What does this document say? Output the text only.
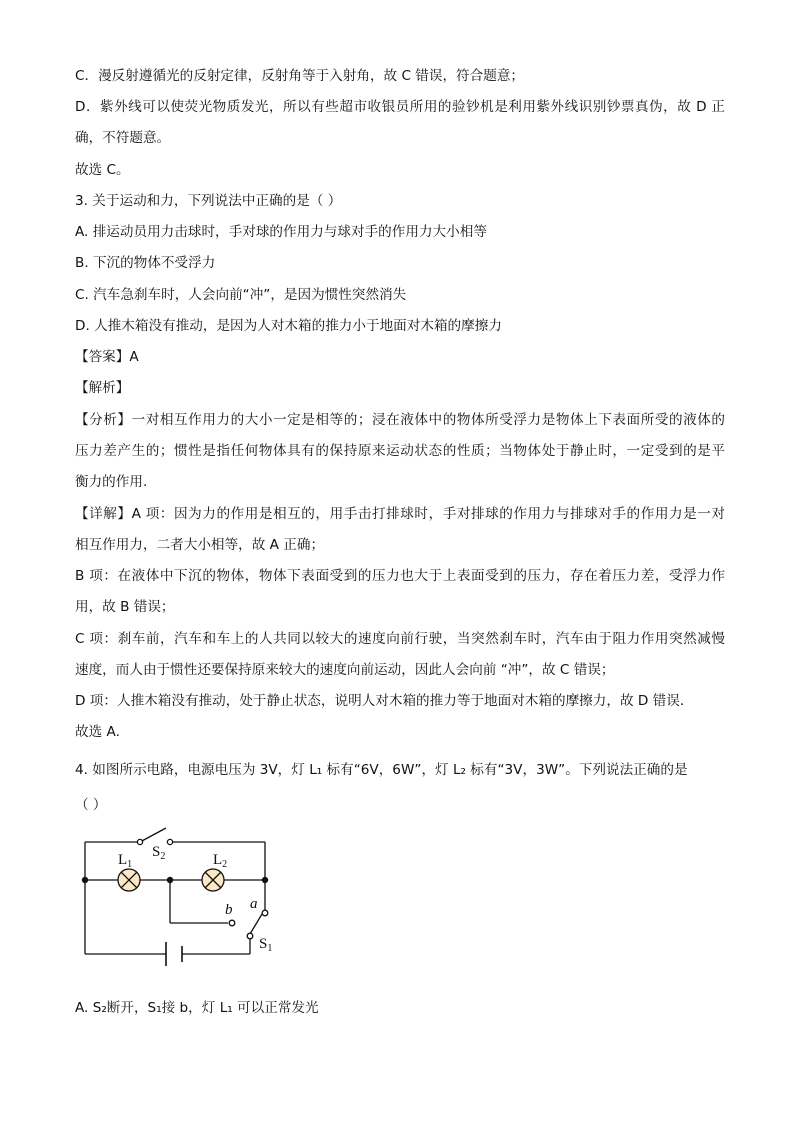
C．漫反射遵循光的反射定律，反射角等于入射角，故 C 错误，符合题意；
D．紫外线可以使荧光物质发光，所以有些超市收银员所用的验钞机是利用紫外线识别钞票真伪，故 D 正
确，不符题意。
故选 C。
3. 关于运动和力，下列说法中正确的是（ ）
A. 排运动员用力击球时，手对球的作用力与球对手的作用力大小相等
B. 下沉的物体不受浮力
C. 汽车急刹车时，人会向前“冲”，是因为惯性突然消失
D. 人推木箱没有推动，是因为人对木箱的推力小于地面对木箱的摩擦力
【答案】A
【解析】
【分析】一对相互作用力的大小一定是相等的；浸在液体中的物体所受浮力是物体上下表面所受的液体的
压力差产生的；惯性是指任何物体具有的保持原来运动状态的性质；当物体处于静止时，一定受到的是平
衡力的作用.
【详解】A 项：因为力的作用是相互的，用手击打排球时，手对排球的作用力与排球对手的作用力是一对
相互作用力，二者大小相等，故 A 正确；
B 项：在液体中下沉的物体，物体下表面受到的压力也大于上表面受到的压力，存在着压力差，受浮力作
用，故 B 错误；
C 项：刹车前，汽车和车上的人共同以较大的速度向前行驶，当突然刹车时，汽车由于阻力作用突然减慢
速度，而人由于惯性还要保持原来较大的速度向前运动，因此人会向前 “冲”，故 C 错误；
D 项：人推木箱没有推动，处于静止状态，说明人对木箱的推力等于地面对木箱的摩擦力，故 D 错误．
故选 A.
4. 如图所示电路，电源电压为 3V，灯 L₁ 标有“6V，6W”，灯 L₂ 标有“3V，3W”。下列说法正确的是
（ ）
$L_1$	$L_2$
$S_2$
$S_1$
b a
A. S₂断开，S₁接 b，灯 L₁ 可以正常发光
